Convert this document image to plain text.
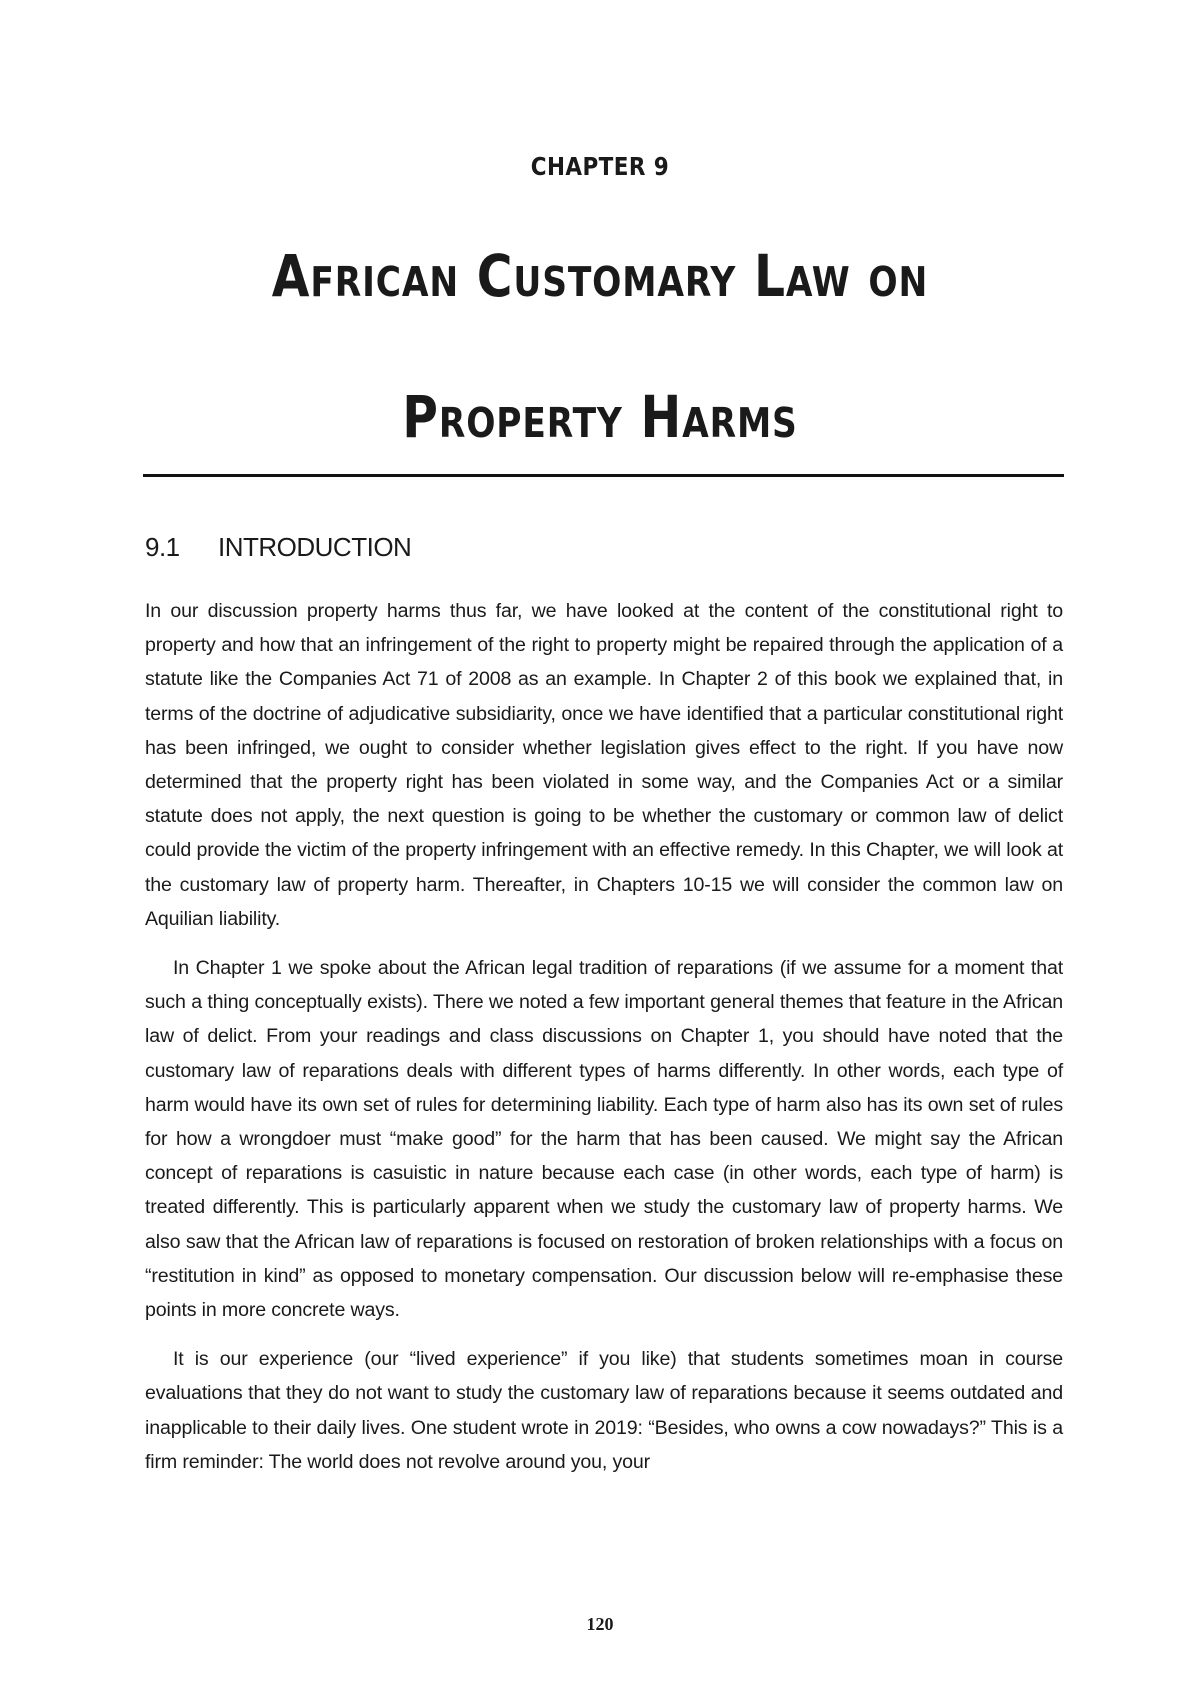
CHAPTER 9
African Customary Law on
Property Harms
9.1 INTRODUCTION

In our discussion property harms thus far, we have looked at the content of the constitutional right to property and how that an infringement of the right to property might be repaired through the application of a statute like the Companies Act 71 of 2008 as an example. In Chapter 2 of this book we explained that, in terms of the doctrine of adjudicative subsidiarity, once we have identified that a particular constitutional right has been infringed, we ought to consider whether legislation gives effect to the right. If you have now determined that the property right has been violated in some way, and the Companies Act or a similar statute does not apply, the next question is going to be whether the customary or common law of delict could provide the victim of the property infringement with an effective remedy. In this Chapter, we will look at the customary law of property harm. Thereafter, in Chapters 10-15 we will consider the common law on Aquilian liability.

In Chapter 1 we spoke about the African legal tradition of reparations (if we assume for a moment that such a thing conceptually exists). There we noted a few important general themes that feature in the African law of delict. From your readings and class discussions on Chapter 1, you should have noted that the customary law of reparations deals with different types of harms differently. In other words, each type of harm would have its own set of rules for determining liability. Each type of harm also has its own set of rules for how a wrongdoer must “make good” for the harm that has been caused. We might say the African concept of reparations is casuistic in nature because each case (in other words, each type of harm) is treated differently. This is particularly apparent when we study the customary law of property harms. We also saw that the African law of reparations is focused on restoration of broken relationships with a focus on “restitution in kind” as opposed to monetary compensation. Our discussion below will re-emphasise these points in more concrete ways.

It is our experience (our “lived experience” if you like) that students sometimes moan in course evaluations that they do not want to study the customary law of reparations because it seems outdated and inapplicable to their daily lives. One student wrote in 2019: “Besides, who owns a cow nowadays?” This is a firm reminder: The world does not revolve around you, your

120
